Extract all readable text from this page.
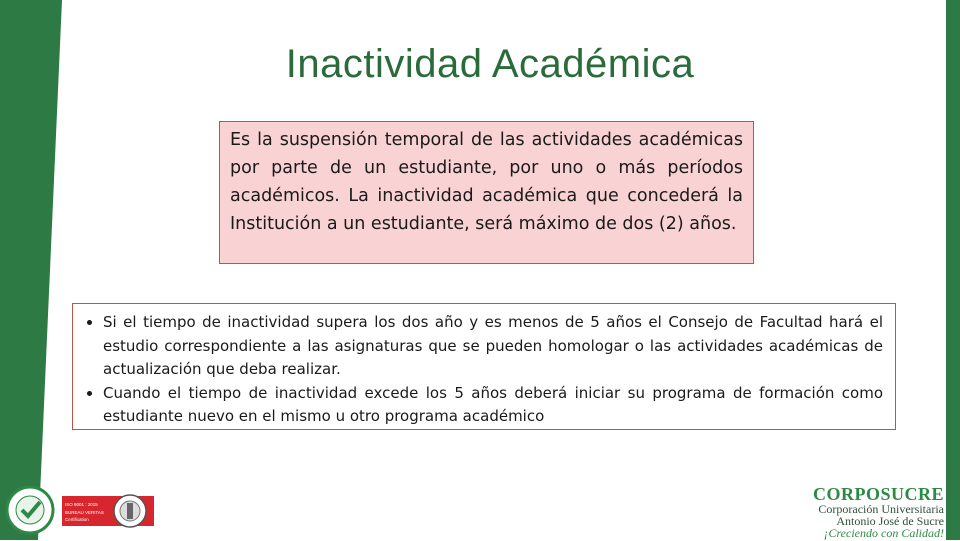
Inactividad Académica
Es la suspensión temporal de las actividades académicas por parte de un estudiante, por uno o más períodos académicos. La inactividad académica que concederá la Institución a un estudiante, será máximo de dos (2) años.
• Si el tiempo de inactividad supera los dos año y es menos de 5 años el Consejo de Facultad hará el estudio correspondiente a las asignaturas que se pueden homologar o las actividades académicas de actualización que deba realizar.
• Cuando el tiempo de inactividad excede los 5 años deberá iniciar su programa de formación como estudiante nuevo en el mismo u otro programa académico
ISO 9001 : 2015
BUREAU VERITAS
Certification
CORPOSUCRE
Corporación Universitaria
Antonio José de Sucre
¡Creciendo con Calidad!
